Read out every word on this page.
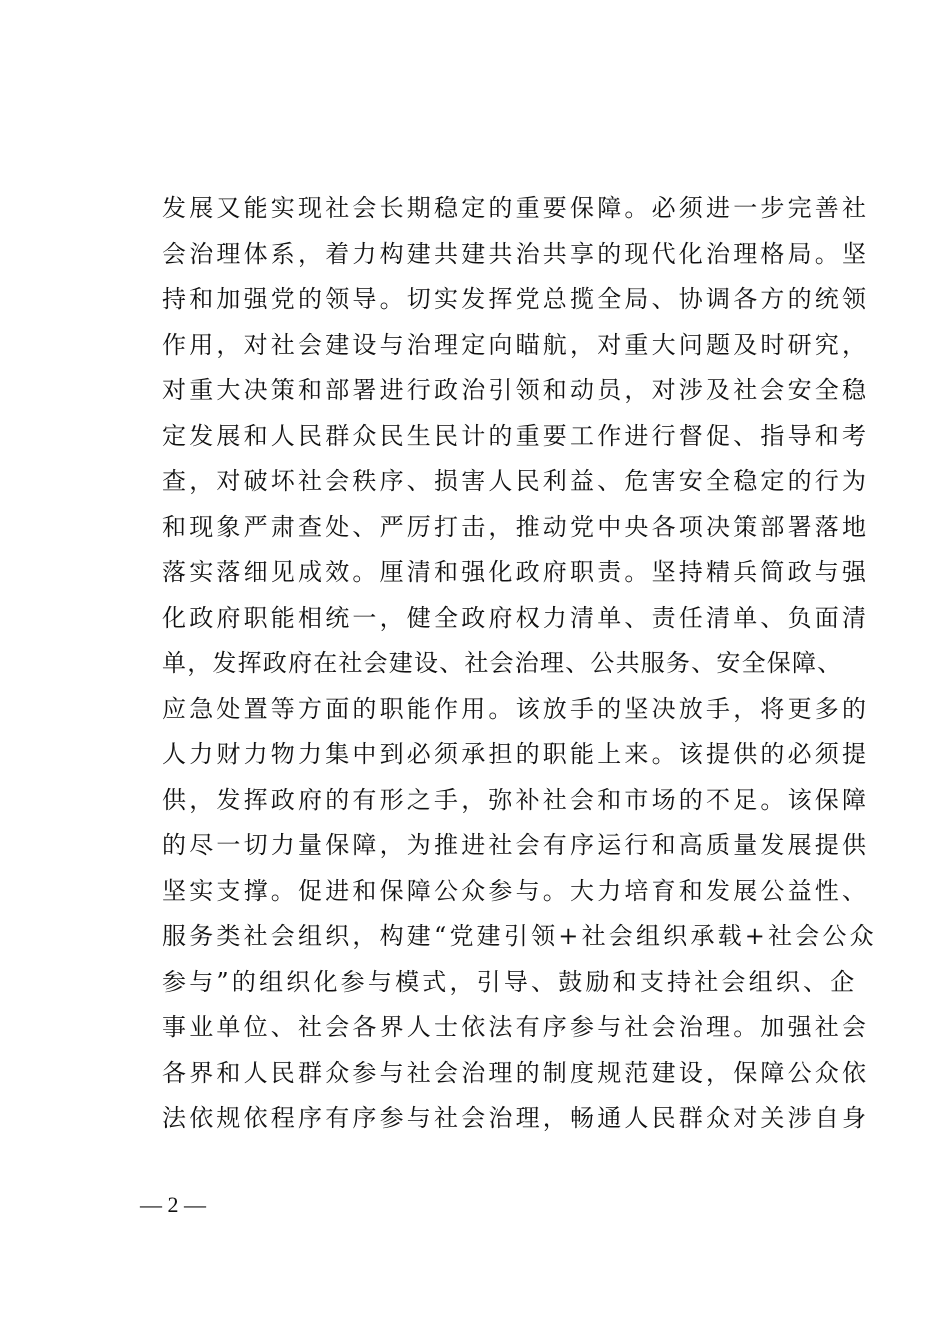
发展又能实现社会长期稳定的重要保障。必须进一步完善社
会治理体系，着力构建共建共治共享的现代化治理格局。坚
持和加强党的领导。切实发挥党总揽全局、协调各方的统领
作用，对社会建设与治理定向瞄航，对重大问题及时研究，
对重大决策和部署进行政治引领和动员，对涉及社会安全稳
定发展和人民群众民生民计的重要工作进行督促、指导和考
查，对破坏社会秩序、损害人民利益、危害安全稳定的行为
和现象严肃查处、严厉打击，推动党中央各项决策部署落地
落实落细见成效。厘清和强化政府职责。坚持精兵简政与强
化政府职能相统一，健全政府权力清单、责任清单、负面清
单，发挥政府在社会建设、社会治理、公共服务、安全保障、
应急处置等方面的职能作用。该放手的坚决放手，将更多的
人力财力物力集中到必须承担的职能上来。该提供的必须提
供，发挥政府的有形之手，弥补社会和市场的不足。该保障
的尽一切力量保障，为推进社会有序运行和高质量发展提供
坚实支撑。促进和保障公众参与。大力培育和发展公益性、
服务类社会组织，构建“党建引领+社会组织承载+社会公众
参与”的组织化参与模式，引导、鼓励和支持社会组织、企
事业单位、社会各界人士依法有序参与社会治理。加强社会
各界和人民群众参与社会治理的制度规范建设，保障公众依
法依规依程序有序参与社会治理，畅通人民群众对关涉自身
— 2 —
